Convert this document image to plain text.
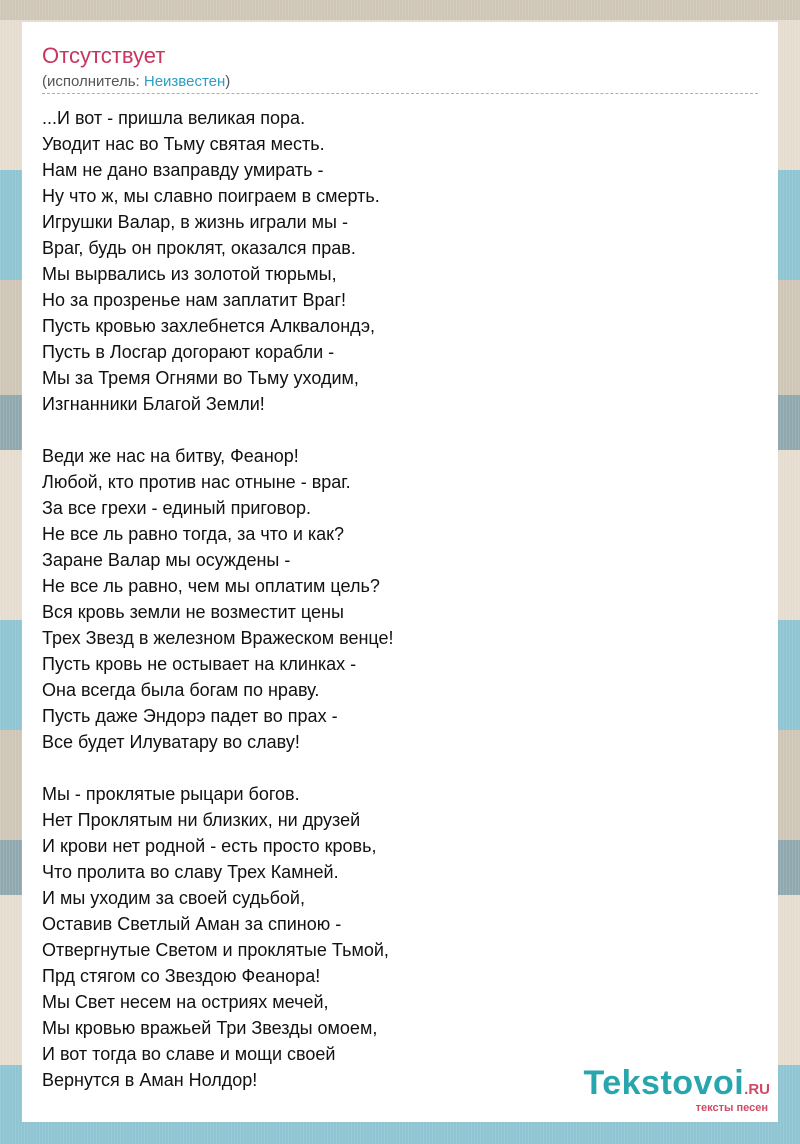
Отсутствует
(исполнитель: Неизвестен)
...И вот - пришла великая пора.
Уводит нас во Тьму святая месть.
Нам не дано взаправду умирать -
Ну что ж, мы славно поиграем в смерть.
Игрушки Валар, в жизнь играли мы -
Враг, будь он проклят, оказался прав.
Мы вырвались из золотой тюрьмы,
Но за прозренье нам заплатит Враг!
Пусть кровью захлебнется Алквалондэ,
Пусть в Лосгар догорают корабли -
Мы за Тремя Огнями во Тьму уходим,
Изгнанники Благой Земли!
Веди же нас на битву, Феанор!
Любой, кто против нас отныне - враг.
За все грехи - единый приговор.
Не все ль равно тогда, за что и как?
Заране Валар мы осуждены -
Не все ль равно, чем мы оплатим цель?
Вся кровь земли не возместит цены
Трех Звезд в железном Вражеском венце!
Пусть кровь не остывает на клинках -
Она всегда была богам по нраву.
Пусть даже Эндорэ падет во прах -
Все будет Илуватару во славу!
Мы - проклятые рыцари богов.
Нет Проклятым ни близких, ни друзей
И крови нет родной - есть просто кровь,
Что пролита во славу Трех Камней.
И мы уходим за своей судьбой,
Оставив Светлый Аман за спиною -
Отвергнутые Светом и проклятые Тьмой,
Прд стягом со Звездою Феанора!
Мы Свет несем на остриях мечей,
Мы кровью вражьей Три Звезды омоем,
И вот тогда во славе и мощи своей
Вернутся в Аман Нолдор!	Tekstovoi.RU
тексты песен
